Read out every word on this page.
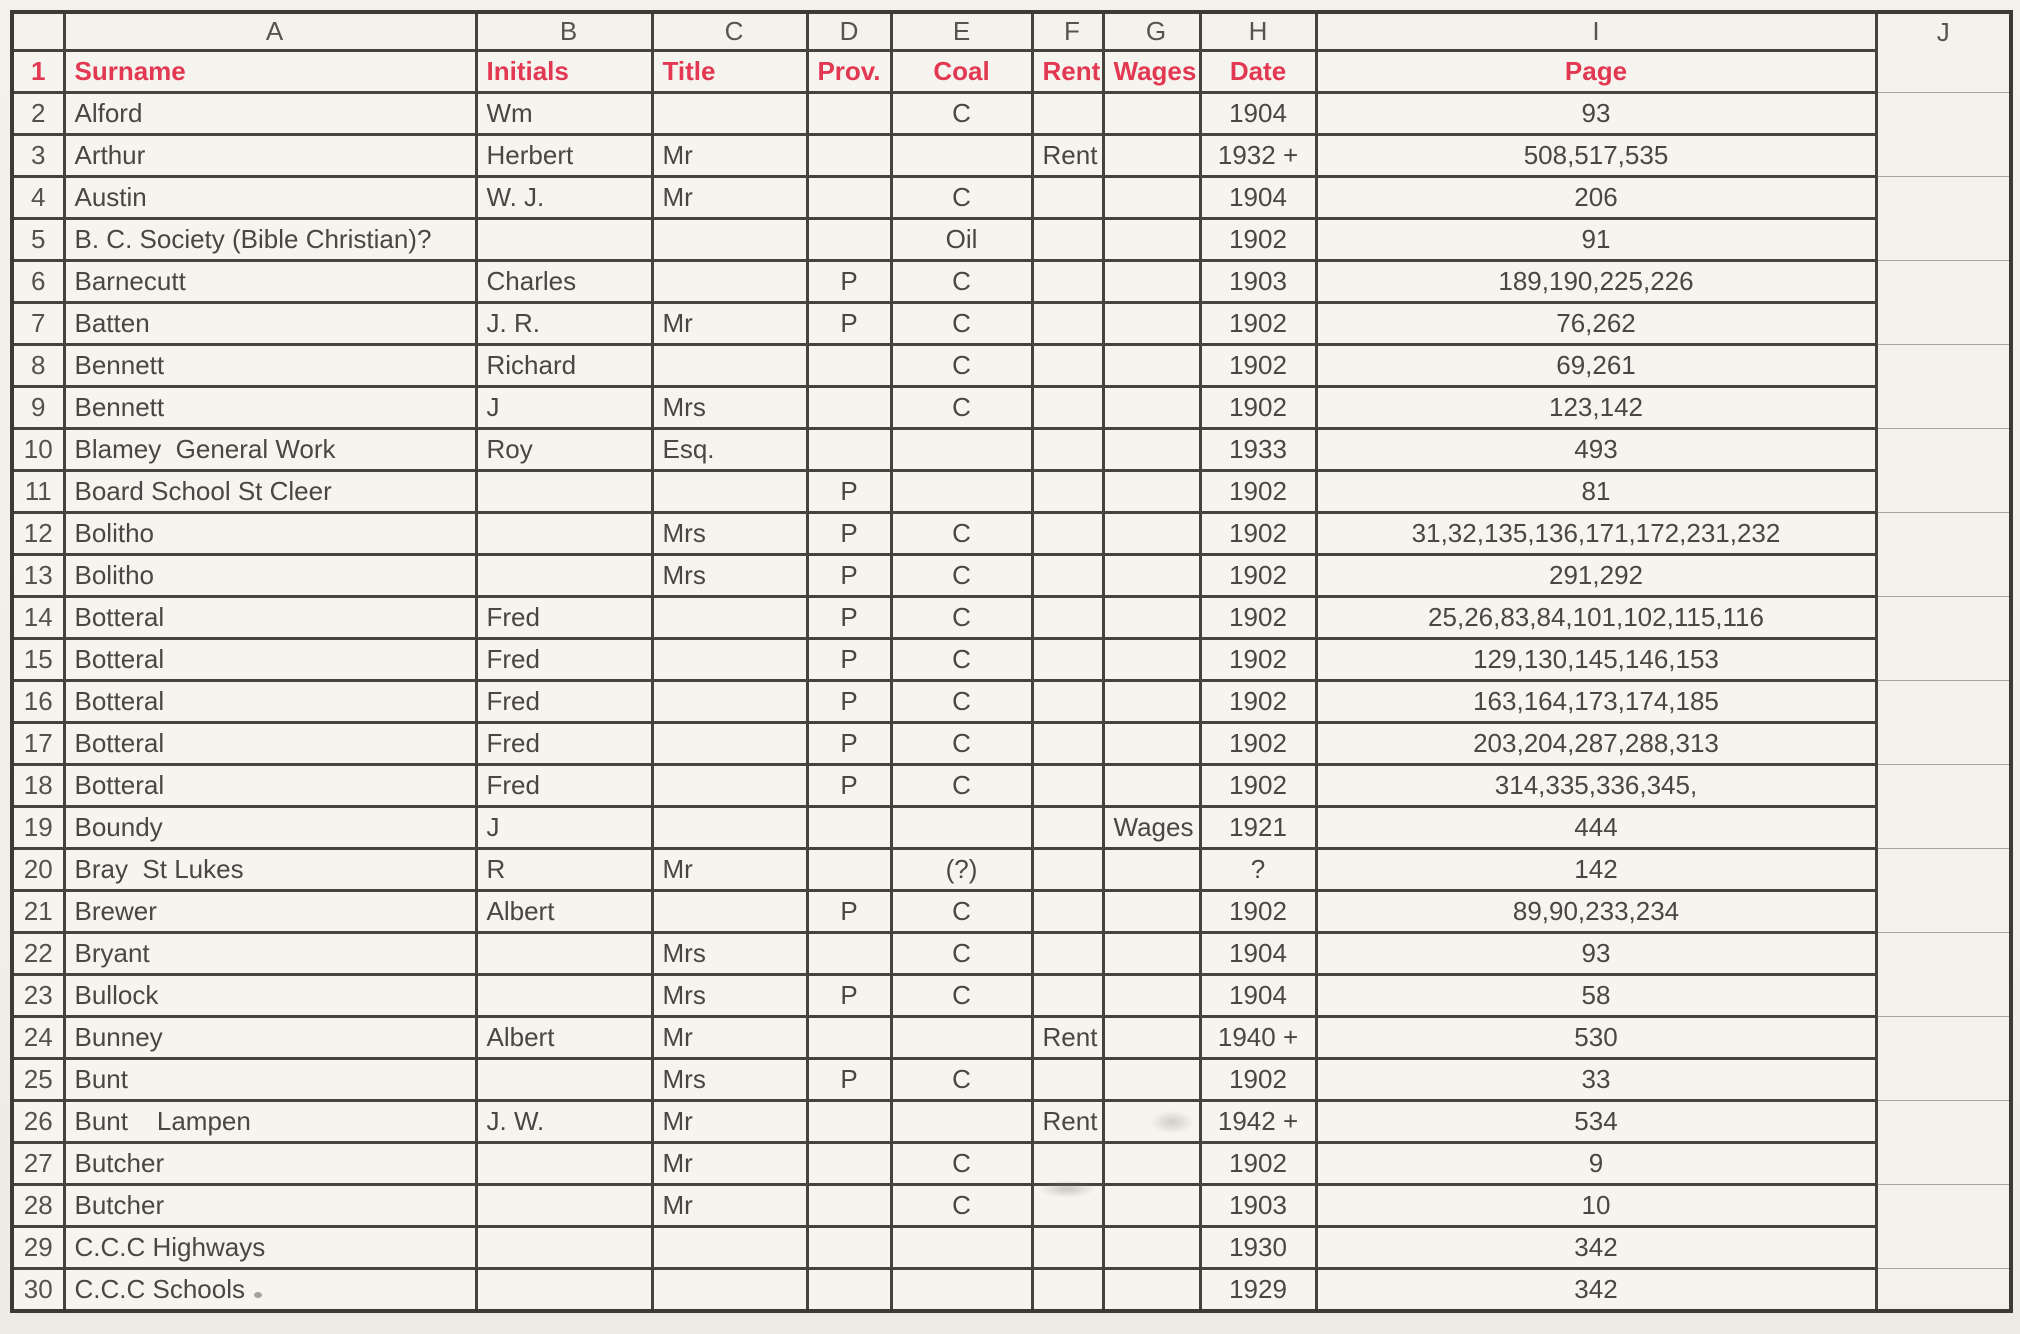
	A	B	C	D	E	F	G	H	I	J
1	Surname	Initials	Title	Prov.	Coal	Rent	Wages	Date	Page	
2	Alford	Wm			C			1904	93	
3	Arthur	Herbert	Mr			Rent		1932 +	508,517,535	
4	Austin	W. J.	Mr		C			1904	206	
5	B. C. Society (Bible Christian)?				Oil			1902	91	
6	Barnecutt	Charles		P	C			1903	189,190,225,226	
7	Batten	J. R.	Mr	P	C			1902	76,262	
8	Bennett	Richard			C			1902	69,261	
9	Bennett	J	Mrs		C			1902	123,142	
10	Blamey  General Work	Roy	Esq.					1933	493	
11	Board School St Cleer			P				1902	81	
12	Bolitho		Mrs	P	C			1902	31,32,135,136,171,172,231,232	
13	Bolitho		Mrs	P	C			1902	291,292	
14	Botteral	Fred		P	C			1902	25,26,83,84,101,102,115,116	
15	Botteral	Fred		P	C			1902	129,130,145,146,153	
16	Botteral	Fred		P	C			1902	163,164,173,174,185	
17	Botteral	Fred		P	C			1902	203,204,287,288,313	
18	Botteral	Fred		P	C			1902	314,335,336,345,	
19	Boundy	J					Wages	1921	444	
20	Bray  St Lukes	R	Mr		(?)			?	142	
21	Brewer	Albert		P	C			1902	89,90,233,234	
22	Bryant		Mrs		C			1904	93	
23	Bullock		Mrs	P	C			1904	58	
24	Bunney	Albert	Mr			Rent		1940 +	530	
25	Bunt		Mrs	P	C			1902	33	
26	Bunt    Lampen	J. W.	Mr			Rent		1942 +	534	
27	Butcher		Mr		C			1902	9	
28	Butcher		Mr		C			1903	10	
29	C.C.C Highways							1930	342	
30	C.C.C Schools							1929	342	
